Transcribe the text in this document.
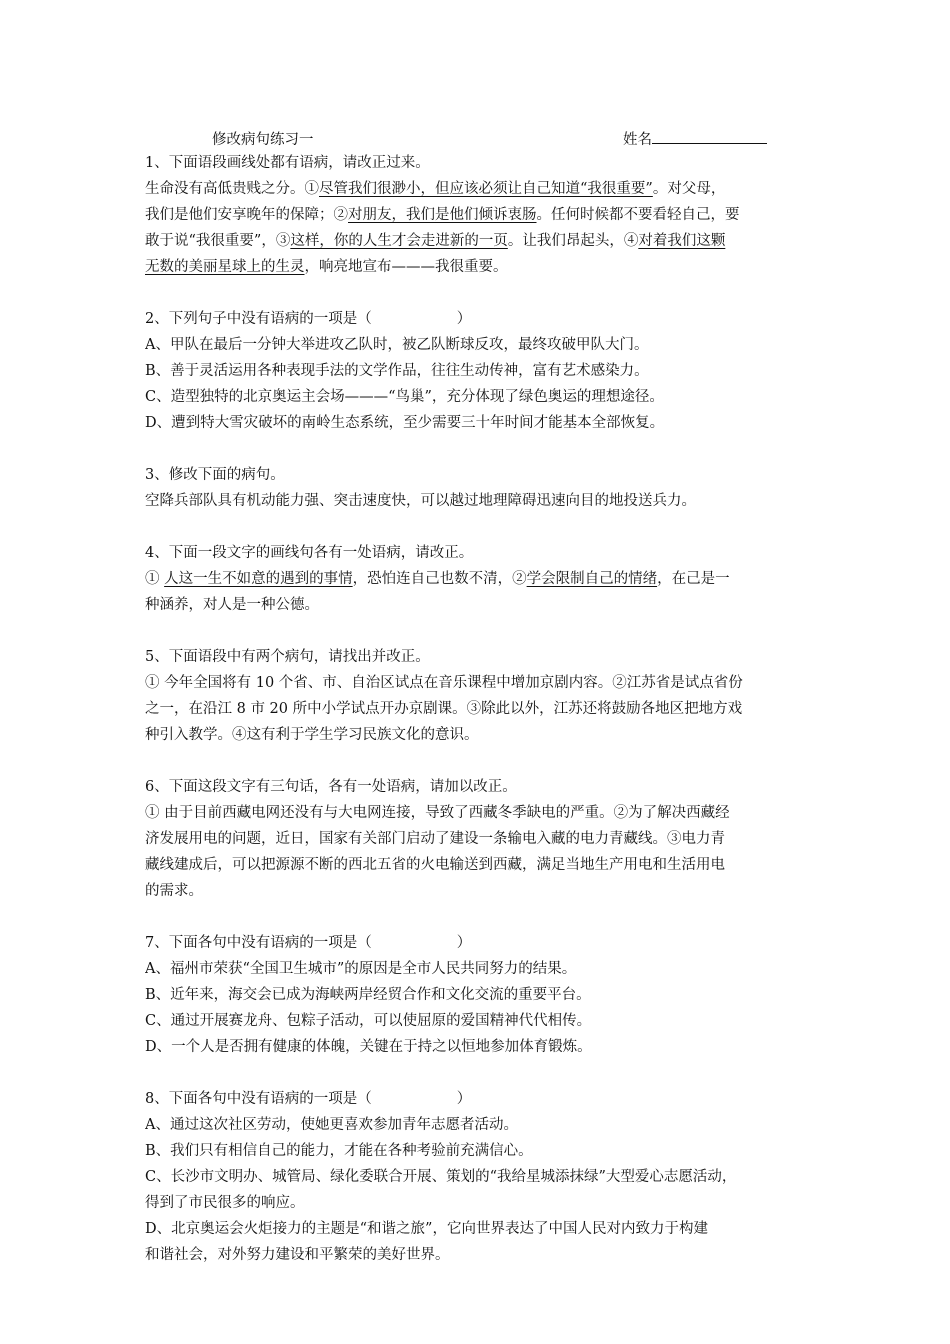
修改病句练习一	姓名
1、下面语段画线处都有语病，请改正过来。
生命没有高低贵贱之分。①尽管我们很渺小，但应该必须让自己知道“我很重要”。对父母，
我们是他们安享晚年的保障；②对朋友，我们是他们倾诉衷肠。任何时候都不要看轻自己，要
敢于说“我很重要”，③这样，你的人生才会走进新的一页。让我们昂起头，④对着我们这颗
无数的美丽星球上的生灵，响亮地宣布———我很重要。
2、下列句子中没有语病的一项是（	）
A、甲队在最后一分钟大举进攻乙队时，被乙队断球反攻，最终攻破甲队大门。
B、善于灵活运用各种表现手法的文学作品，往往生动传神，富有艺术感染力。
C、造型独特的北京奥运主会场———“鸟巢”，充分体现了绿色奥运的理想途径。
D、遭到特大雪灾破坏的南岭生态系统，至少需要三十年时间才能基本全部恢复。
3、修改下面的病句。
空降兵部队具有机动能力强、突击速度快，可以越过地理障碍迅速向目的地投送兵力。
4、下面一段文字的画线句各有一处语病，请改正。
① 人这一生不如意的遇到的事情，恐怕连自己也数不清，②学会限制自己的情绪，在己是一
种涵养，对人是一种公德。
5、下面语段中有两个病句，请找出并改正。
① 今年全国将有 10 个省、市、自治区试点在音乐课程中增加京剧内容。②江苏省是试点省份
之一，在沿江 8 市 20 所中小学试点开办京剧课。③除此以外，江苏还将鼓励各地区把地方戏
种引入教学。④这有利于学生学习民族文化的意识。
6、下面这段文字有三句话，各有一处语病，请加以改正。
① 由于目前西藏电网还没有与大电网连接，导致了西藏冬季缺电的严重。②为了解决西藏经
济发展用电的问题，近日，国家有关部门启动了建设一条输电入藏的电力青藏线。③电力青
藏线建成后，可以把源源不断的西北五省的火电输送到西藏，满足当地生产用电和生活用电
的需求。
7、下面各句中没有语病的一项是（	）
A、福州市荣获“全国卫生城市”的原因是全市人民共同努力的结果。
B、近年来，海交会已成为海峡两岸经贸合作和文化交流的重要平台。
C、通过开展赛龙舟、包粽子活动，可以使屈原的爱国精神代代相传。
D、一个人是否拥有健康的体魄，关键在于持之以恒地参加体育锻炼。
8、下面各句中没有语病的一项是（	）
A、通过这次社区劳动，使她更喜欢参加青年志愿者活动。
B、我们只有相信自己的能力，才能在各种考验前充满信心。
C、长沙市文明办、城管局、绿化委联合开展、策划的“我给星城添抹绿”大型爱心志愿活动，
得到了市民很多的响应。
D、北京奥运会火炬接力的主题是“和谐之旅”，它向世界表达了中国人民对内致力于构建
和谐社会，对外努力建设和平繁荣的美好世界。
